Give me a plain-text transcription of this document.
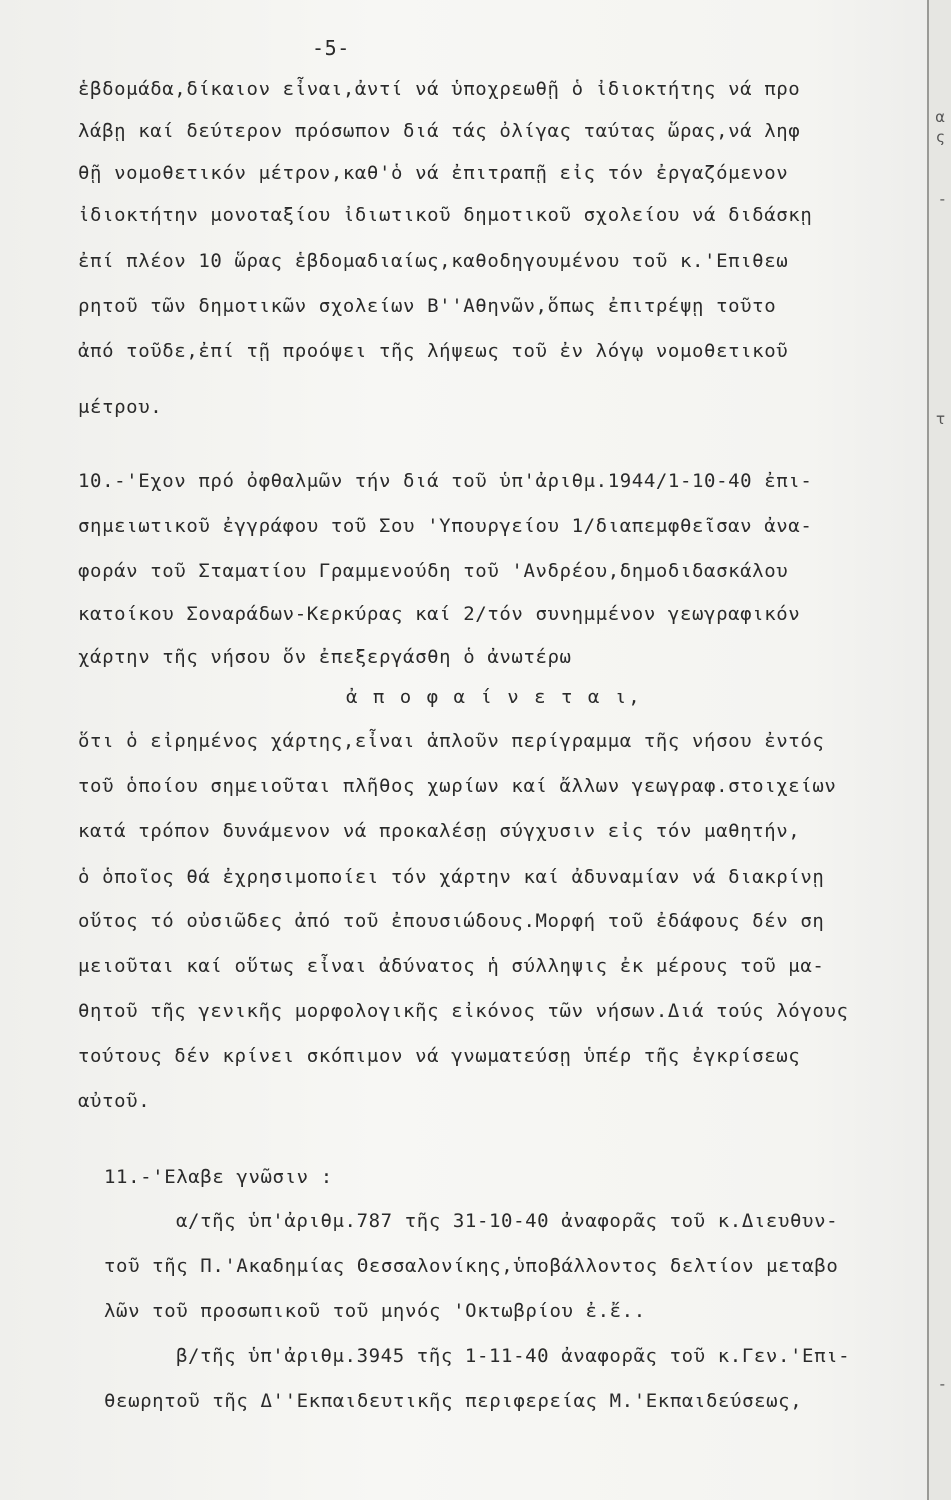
-5-
ἑβδομάδα,δίκαιον εἶναι,ἀντί νά ὑποχρεωθῇ ὁ ἰδιοκτήτης νά προ
λάβῃ καί δεύτερον πρόσωπον διά τάς ὀλίγας ταύτας ὥρας,νά ληφ
θῇ νομοθετικόν μέτρον,καθ'ὁ νά ἐπιτραπῇ εἰς τόν ἐργαζόμενον
ἰδιοκτήτην μονοταξίου ἰδιωτικοῦ δημοτικοῦ σχολείου νά διδάσκῃ
ἐπί πλέον 10 ὥρας ἑβδομαδιαίως,καθοδηγουμένου τοῦ κ.'Επιθεω
ρητοῦ τῶν δημοτικῶν σχολείων Β''Αθηνῶν,ὅπως ἐπιτρέψῃ τοῦτο
ἀπό τοῦδε,ἐπί τῇ προόψει τῆς λήψεως τοῦ ἐν λόγῳ νομοθετικοῦ
μέτρου.
10.-'Εχον πρό ὀφθαλμῶν τήν διά τοῦ ὑπ'ἀριθμ.1944/1-10-40 ἐπι-
σημειωτικοῦ ἐγγράφου τοῦ Σου 'Υπουργείου 1/διαπεμφθεῖσαν ἀνα-
φοράν τοῦ Σταματίου Γραμμενούδη τοῦ 'Ανδρέου,δημοδιδασκάλου
κατοίκου Σοναράδων-Κερκύρας καί 2/τόν συνημμένον γεωγραφικόν
χάρτην τῆς νήσου ὅν ἐπεξεργάσθη ὁ ἀνωτέρω
ἀ π ο φ α ί ν ε τ α ι,
ὅτι ὁ εἰρημένος χάρτης,εἶναι ἁπλοῦν περίγραμμα τῆς νήσου ἐντός
τοῦ ὁποίου σημειοῦται πλῆθος χωρίων καί ἄλλων γεωγραφ.στοιχείων
κατά τρόπον δυνάμενον νά προκαλέσῃ σύγχυσιν εἰς τόν μαθητήν,
ὁ ὁποῖος θά ἐχρησιμοποίει τόν χάρτην καί ἀδυναμίαν νά διακρίνῃ
οὕτος τό οὐσιῶδες ἀπό τοῦ ἐπουσιώδους.Μορφή τοῦ ἐδάφους δέν ση
μειοῦται καί οὕτως εἶναι ἀδύνατος ἡ σύλληψις ἐκ μέρους τοῦ μα-
θητοῦ τῆς γενικῆς μορφολογικῆς εἰκόνος τῶν νήσων.Διά τούς λόγους
τούτους δέν κρίνει σκόπιμον νά γνωματεύσῃ ὑπέρ τῆς ἐγκρίσεως
αὐτοῦ.
11.-'Ελαβε γνῶσιν :
α/τῆς ὑπ'ἀριθμ.787 τῆς 31-10-40 ἀναφορᾶς τοῦ κ.Διευθυν-
τοῦ τῆς Π.'Ακαδημίας Θεσσαλονίκης,ὑποβάλλοντος δελτίον μεταβο
λῶν τοῦ προσωπικοῦ τοῦ μηνός 'Οκτωβρίου ἐ.ἔ..
β/τῆς ὑπ'ἀριθμ.3945 τῆς 1-11-40 ἀναφορᾶς τοῦ κ.Γεν.'Επι-
θεωρητοῦ τῆς Δ''Εκπαιδευτικῆς περιφερείας Μ.'Εκπαιδεύσεως,
α
ς
-
τ
-
